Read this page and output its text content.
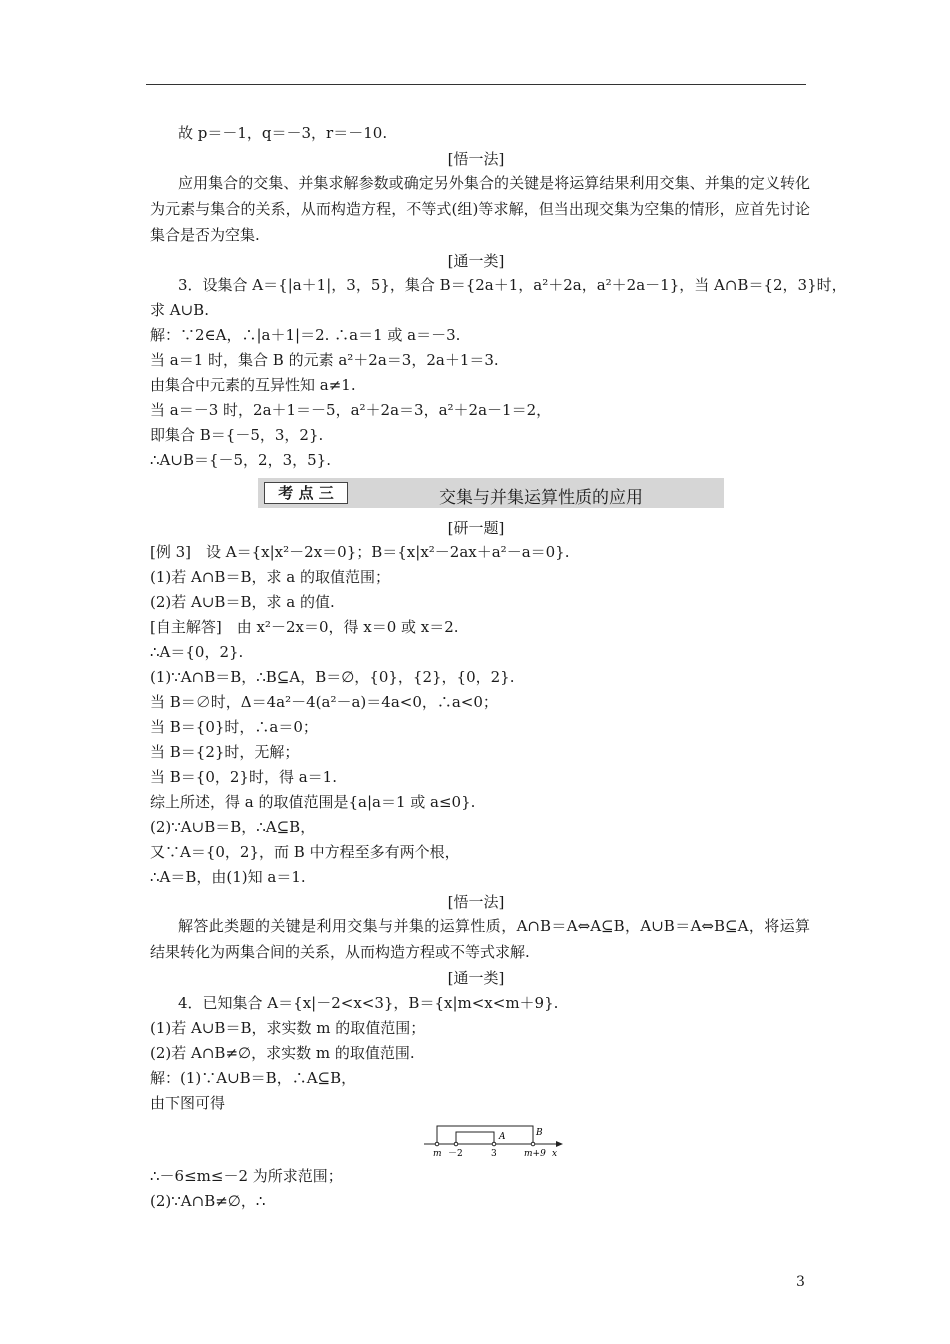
故 p＝－1，q＝－3，r＝－10.
[悟一法]
应用集合的交集、并集求解参数或确定另外集合的关键是将运算结果利用交集、并集的定义转化为元素与集合的关系，从而构造方程，不等式(组)等求解，但当出现交集为空集的情形，应首先讨论集合是否为空集.
[通一类]
3．设集合 A＝{|a＋1|，3，5}，集合 B＝{2a＋1，a²＋2a，a²＋2a－1}，当 A∩B＝{2，3}时，
求 A∪B.
解：∵2∈A，∴|a＋1|＝2. ∴a＝1 或 a＝－3.
当 a＝1 时，集合 B 的元素 a²＋2a＝3，2a＋1＝3.
由集合中元素的互异性知 a≠1.
当 a＝－3 时，2a＋1＝－5，a²＋2a＝3，a²＋2a－1＝2，
即集合 B＝{－5，3，2}.
∴A∪B＝{－5，2，3，5}.
考 点 三	交集与并集运算性质的应用
[研一题]
[例 3]　设 A＝{x|x²－2x＝0}；B＝{x|x²－2ax＋a²－a＝0}.
(1)若 A∩B＝B，求 a 的取值范围；
(2)若 A∪B＝B，求 a 的值.
[自主解答]　由 x²－2x＝0，得 x＝0 或 x＝2.
∴A＝{0，2}.
(1)∵A∩B＝B，∴B⊆A，B＝∅，{0}，{2}，{0，2}.
当 B＝∅时，Δ＝4a²－4(a²－a)＝4a<0，∴a<0；
当 B＝{0}时，∴a＝0；
当 B＝{2}时，无解；
当 B＝{0，2}时，得 a＝1.
综上所述，得 a 的取值范围是{a|a＝1 或 a≤0}.
(2)∵A∪B＝B，∴A⊆B，
又∵A＝{0，2}，而 B 中方程至多有两个根，
∴A＝B，由(1)知 a＝1.
[悟一法]
解答此类题的关键是利用交集与并集的运算性质，A∩B＝A⇔A⊆B，A∪B＝A⇔B⊆A，将运算结果转化为两集合间的关系，从而构造方程或不等式求解.
[通一类]
4．已知集合 A＝{x|－2<x<3}，B＝{x|m<x<m＋9}.
(1)若 A∪B＝B，求实数 m 的取值范围；
(2)若 A∩B≠∅，求实数 m 的取值范围.
解：(1)∵A∪B＝B，∴A⊆B，
由下图可得
A	B
m －2	3	m+9 x
∴－6≤m≤－2 为所求范围；
(2)∵A∩B≠∅，∴
3
